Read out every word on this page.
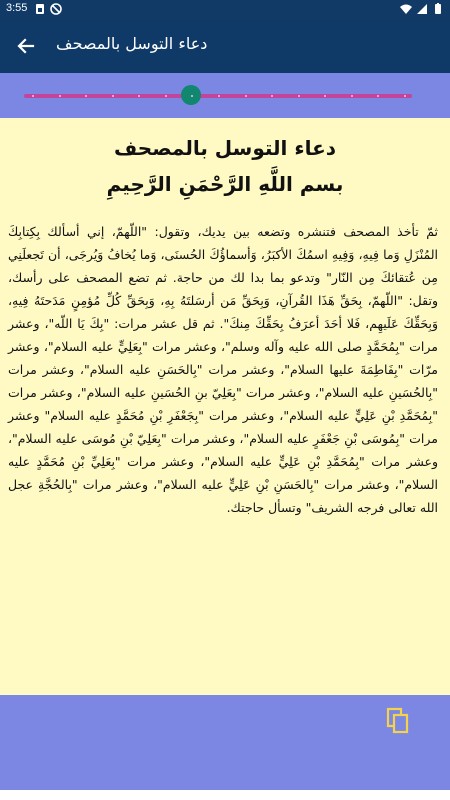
3:55
دعاء التوسل بالمصحف
دعاء التوسل بالمصحف
بسم اللَّهِ الرَّحْمَنِ الرَّحِيمِ
ثمّ تأخذ المصحف فتنشره وتضعه بين يديك، وتقول: "اللّهمّ، إني أسألك بِكِتابِكَ المُنْزَلِ وَما فِيهِ، وَفِيهِ اسمُكَ الأكبَرُ، وَأسماؤُكَ الحُسنَى، وَما يُخافُ وَيُرجَى، أن تَجعلَنِي مِن عُتقائكَ مِن النّار" وتدعو بما بدا لك من حاجة. ثم تضع المصحف على رأسك، وتقل: "اللّهمّ، بِحَقِّ هَذَا القُرآنِ، وَبِحَقِّ مَن أرسَلتَهُ بِهِ، وَبِحَقِّ كُلِّ مُؤمِنٍ مَدَحتَهُ فِيهِ، وَبِحَقِّكَ عَلَيهِم، فَلا أحَدَ أعرَفُ بِحَقِّكَ مِنكَ". ثم قل عشر مرات: "بِكَ يَا اللّه"، وعشر مرات "بِمُحَمَّدٍ صلى الله عليه وآله وسلم"، وعشر مرات "بِعَلِيٍّ عليه السلام"، وعشر مرّات "بِفَاطِمَةَ عليها السلام"، وعشر مرات "بِالحَسَنِ عليه السلام"، وعشر مرات "بِالحُسَينِ عليه السلام"، وعشر مرات "بِعَلِيّ بنِ الحُسَينِ عليه السلام"، وعشر مرات "بِمُحَمَّدِ بْنِ عَلِيٍّ عليه السلام"، وعشر مرات "بِجَعْفَرِ بْنِ مُحَمَّدٍ عليه السلام" وعشر مرات "بِمُوسَى بْنِ جَعْفَرٍ عليه السلام"، وعشر مرات "بِعَلِيّ بْنِ مُوسَى عليه السلام"، وعشر مرات "بِمُحَمَّدِ بْنِ عَلِيٍّ عليه السلام"، وعشر مرات "بِعَلِيِّ بْنِ مُحَمَّدٍ عليه السلام"، وعشر مرات "بِالحَسَنِ بْنِ عَلِيٍّ عليه السلام"، وعشر مرات "بِالحُجَّةِ عجل الله تعالى فرجه الشريف" وتسأل حاجتك.
